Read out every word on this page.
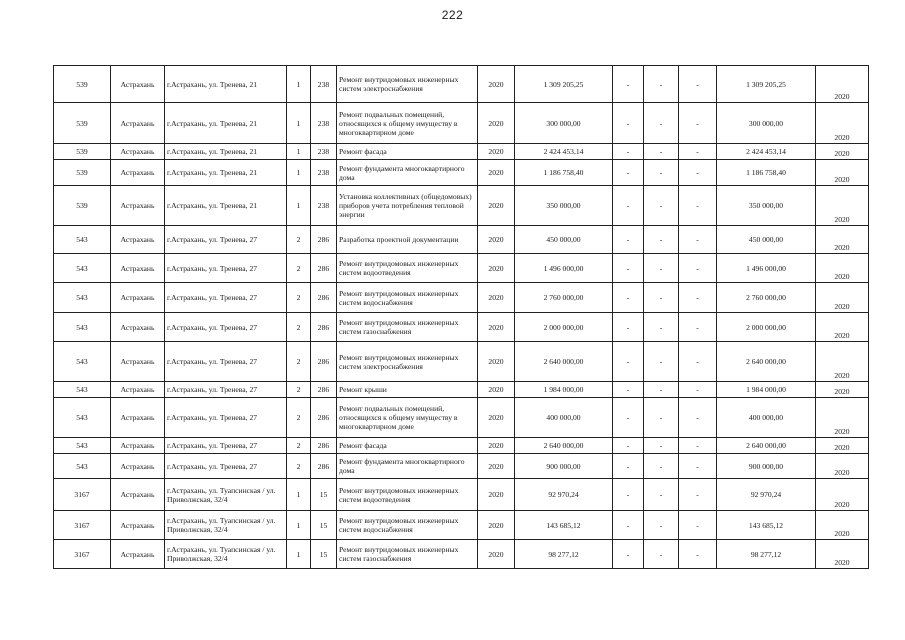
222
539	Астрахань	г.Астрахань, ул. Тренева, 21	1	238	Ремонт внутридомовых инженерных систем электроснабжения	2020	1 309 205,25	-	-	-	1 309 205,25	2020
539	Астрахань	г.Астрахань, ул. Тренева, 21	1	238	Ремонт подвальных помещений, относящихся к общему имуществу в многоквартирном доме	2020	300 000,00	-	-	-	300 000,00	2020
539	Астрахань	г.Астрахань, ул. Тренева, 21	1	238	Ремонт фасада	2020	2 424 453,14	-	-	-	2 424 453,14	2020
539	Астрахань	г.Астрахань, ул. Тренева, 21	1	238	Ремонт фундамента многоквартирного дома	2020	1 186 758,40	-	-	-	1 186 758,40	2020
539	Астрахань	г.Астрахань, ул. Тренева, 21	1	238	Установка коллективных (общедомовых) приборов учета потребления тепловой энергии	2020	350 000,00	-	-	-	350 000,00	2020
543	Астрахань	г.Астрахань, ул. Тренева, 27	2	286	Разработка проектной документации	2020	450 000,00	-	-	-	450 000,00	2020
543	Астрахань	г.Астрахань, ул. Тренева, 27	2	286	Ремонт внутридомовых инженерных систем водоотведения	2020	1 496 000,00	-	-	-	1 496 000,00	2020
543	Астрахань	г.Астрахань, ул. Тренева, 27	2	286	Ремонт внутридомовых инженерных систем водоснабжения	2020	2 760 000,00	-	-	-	2 760 000,00	2020
543	Астрахань	г.Астрахань, ул. Тренева, 27	2	286	Ремонт внутридомовых инженерных систем газоснабжения	2020	2 000 000,00	-	-	-	2 000 000,00	2020
543	Астрахань	г.Астрахань, ул. Тренева, 27	2	286	Ремонт внутридомовых инженерных систем электроснабжения	2020	2 640 000,00	-	-	-	2 640 000,00	2020
543	Астрахань	г.Астрахань, ул. Тренева, 27	2	286	Ремонт крыши	2020	1 984 000,00	-	-	-	1 984 000,00	2020
543	Астрахань	г.Астрахань, ул. Тренева, 27	2	286	Ремонт подвальных помещений, относящихся к общему имуществу в многоквартирном доме	2020	400 000,00	-	-	-	400 000,00	2020
543	Астрахань	г.Астрахань, ул. Тренева, 27	2	286	Ремонт фасада	2020	2 640 000,00	-	-	-	2 640 000,00	2020
543	Астрахань	г.Астрахань, ул. Тренева, 27	2	286	Ремонт фундамента многоквартирного дома	2020	900 000,00	-	-	-	900 000,00	2020
3167	Астрахань	г.Астрахань, ул. Туапсинская / ул. Приволжская, 32/4	1	15	Ремонт внутридомовых инженерных систем водоотведения	2020	92 970,24	-	-	-	92 970,24	2020
3167	Астрахань	г.Астрахань, ул. Туапсинская / ул. Приволжская, 32/4	1	15	Ремонт внутридомовых инженерных систем водоснабжения	2020	143 685,12	-	-	-	143 685,12	2020
3167	Астрахань	г.Астрахань, ул. Туапсинская / ул. Приволжская, 32/4	1	15	Ремонт внутридомовых инженерных систем газоснабжения	2020	98 277,12	-	-	-	98 277,12	2020
